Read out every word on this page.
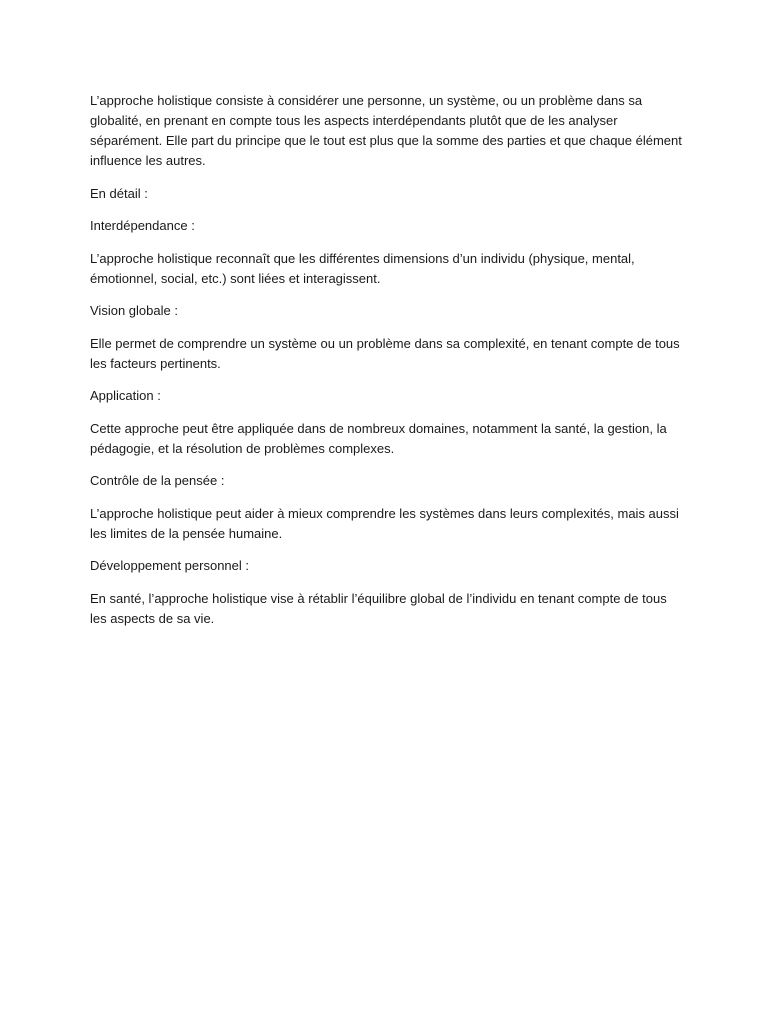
L’approche holistique consiste à considérer une personne, un système, ou un problème dans sa globalité, en prenant en compte tous les aspects interdépendants plutôt que de les analyser séparément. Elle part du principe que le tout est plus que la somme des parties et que chaque élément influence les autres.

En détail :

Interdépendance :

L’approche holistique reconnaît que les différentes dimensions d’un individu (physique, mental, émotionnel, social, etc.) sont liées et interagissent.

Vision globale :

Elle permet de comprendre un système ou un problème dans sa complexité, en tenant compte de tous les facteurs pertinents.

Application :

Cette approche peut être appliquée dans de nombreux domaines, notamment la santé, la gestion, la pédagogie, et la résolution de problèmes complexes.

Contrôle de la pensée :

L’approche holistique peut aider à mieux comprendre les systèmes dans leurs complexités, mais aussi les limites de la pensée humaine.

Développement personnel :

En santé, l’approche holistique vise à rétablir l’équilibre global de l’individu en tenant compte de tous les aspects de sa vie.
